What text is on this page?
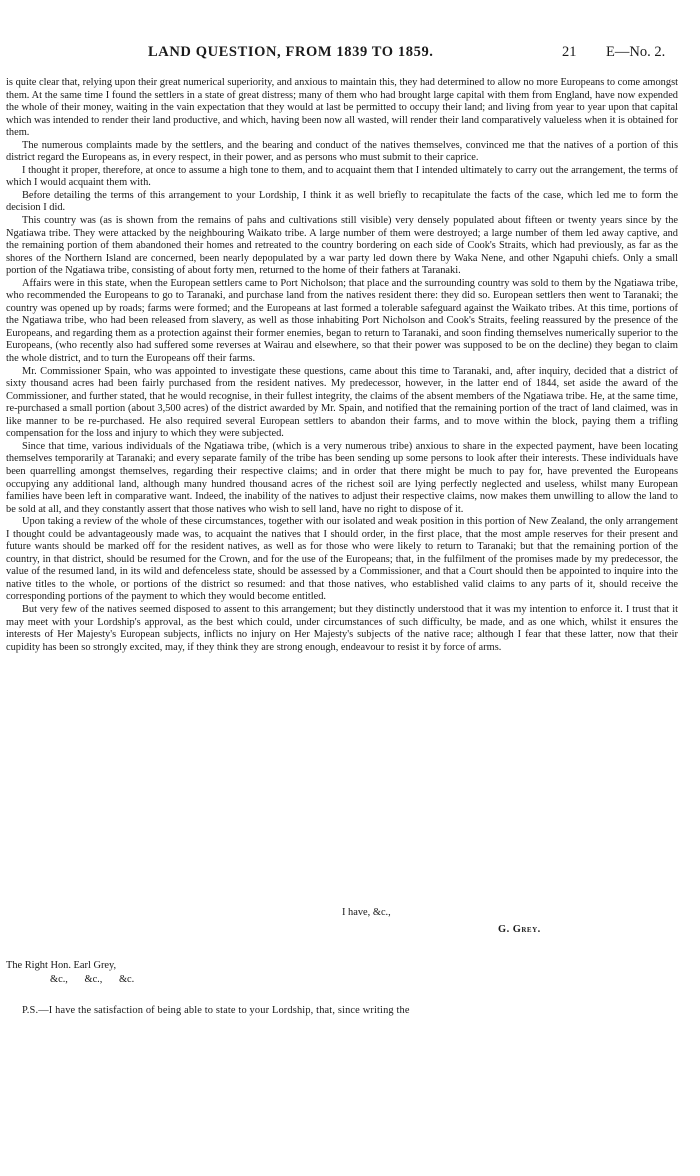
LAND QUESTION, FROM 1839 TO 1859.	21 E—No. 2.

is quite clear that, relying upon their great numerical superiority, and anxious to maintain this, they had determined to allow no more Europeans to come amongst them. At the same time I found the settlers in a state of great distress; many of them who had brought large capital with them from England, have now expended the whole of their money, waiting in the vain expectation that they would at last be permitted to occupy their land; and living from year to year upon that capital which was intended to render their land productive, and which, having been now all wasted, will render their land comparatively valueless when it is obtained for them.

The numerous complaints made by the settlers, and the bearing and conduct of the natives themselves, convinced me that the natives of a portion of this district regard the Europeans as, in every respect, in their power, and as persons who must submit to their caprice.

I thought it proper, therefore, at once to assume a high tone to them, and to acquaint them that I intended ultimately to carry out the arrangement, the terms of which I would acquaint them with.

Before detailing the terms of this arrangement to your Lordship, I think it as well briefly to recapitulate the facts of the case, which led me to form the decision I did.

This country was (as is shown from the remains of pahs and cultivations still visible) very densely populated about fifteen or twenty years since by the Ngatiawa tribe. They were attacked by the neighbouring Waikato tribe. A large number of them were destroyed; a large number of them led away captive, and the remaining portion of them abandoned their homes and retreated to the country bordering on each side of Cook's Straits, which had previously, as far as the shores of the Northern Island are concerned, been nearly depopulated by a war party led down there by Waka Nene, and other Ngapuhi chiefs. Only a small portion of the Ngatiawa tribe, consisting of about forty men, returned to the home of their fathers at Taranaki.

Affairs were in this state, when the European settlers came to Port Nicholson; that place and the surrounding country was sold to them by the Ngatiawa tribe, who recommended the Europeans to go to Taranaki, and purchase land from the natives resident there: they did so. European settlers then went to Taranaki; the country was opened up by roads; farms were formed; and the Europeans at last formed a tolerable safeguard against the Waikato tribes. At this time, portions of the Ngatiawa tribe, who had been released from slavery, as well as those inhabiting Port Nicholson and Cook's Straits, feeling reassured by the presence of the Europeans, and regarding them as a protection against their former enemies, began to return to Taranaki, and soon finding themselves numerically superior to the Europeans, (who recently also had suffered some reverses at Wairau and elsewhere, so that their power was supposed to be on the decline) they began to claim the whole district, and to turn the Europeans off their farms.

Mr. Commissioner Spain, who was appointed to investigate these questions, came about this time to Taranaki, and, after inquiry, decided that a district of sixty thousand acres had been fairly purchased from the resident natives. My predecessor, however, in the latter end of 1844, set aside the award of the Commissioner, and further stated, that he would recognise, in their fullest integrity, the claims of the absent members of the Ngatiawa tribe. He, at the same time, re-purchased a small portion (about 3,500 acres) of the district awarded by Mr. Spain, and notified that the remaining portion of the tract of land claimed, was in like manner to be re-purchased. He also required several European settlers to abandon their farms, and to move within the block, paying them a trifling compensation for the loss and injury to which they were subjected.

Since that time, various individuals of the Ngatiawa tribe, (which is a very numerous tribe) anxious to share in the expected payment, have been locating themselves temporarily at Taranaki; and every separate family of the tribe has been sending up some persons to look after their interests. These individuals have been quarrelling amongst themselves, regarding their respective claims; and in order that there might be much to pay for, have prevented the Europeans occupying any additional land, although many hundred thousand acres of the richest soil are lying perfectly neglected and useless, whilst many European families have been left in comparative want. Indeed, the inability of the natives to adjust their respective claims, now makes them unwilling to allow the land to be sold at all, and they constantly assert that those natives who wish to sell land, have no right to dispose of it.

Upon taking a review of the whole of these circumstances, together with our isolated and weak position in this portion of New Zealand, the only arrangement I thought could be advantageously made was, to acquaint the natives that I should order, in the first place, that the most ample reserves for their present and future wants should be marked off for the resident natives, as well as for those who were likely to return to Taranaki; but that the remaining portion of the country, in that district, should be resumed for the Crown, and for the use of the Europeans; that, in the fulfilment of the promises made by my predecessor, the value of the resumed land, in its wild and defenceless state, should be assessed by a Commissioner, and that a Court should then be appointed to inquire into the native titles to the whole, or portions of the district so resumed: and that those natives, who established valid claims to any parts of it, should receive the corresponding portions of the payment to which they would become entitled.

But very few of the natives seemed disposed to assent to this arrangement; but they distinctly understood that it was my intention to enforce it. I trust that it may meet with your Lordship's approval, as the best which could, under circumstances of such difficulty, be made, and as one which, whilst it ensures the interests of Her Majesty's European subjects, inflicts no injury on Her Majesty's subjects of the native race; although I fear that these latter, now that their cupidity has been so strongly excited, may, if they think they are strong enough, endeavour to resist it by force of arms.

I have, &c.,
G. Grey.
The Right Hon. Earl Grey,
&c., &c., &c.
P.S.—I have the satisfaction of being able to state to your Lordship, that, since writing the
